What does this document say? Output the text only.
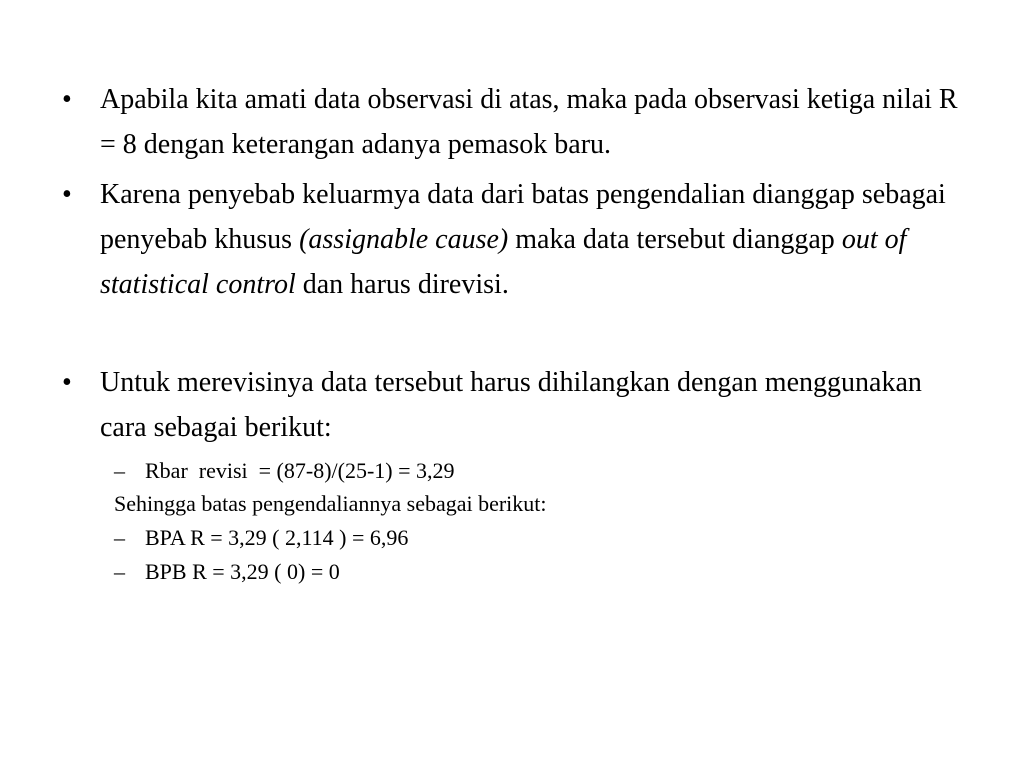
•	Apabila kita amati data observasi di atas, maka pada observasi ketiga nilai R = 8 dengan keterangan adanya pemasok baru.
•	Karena penyebab keluarmya data dari batas pengendalian dianggap sebagai penyebab khusus (assignable cause) maka data tersebut dianggap out of statistical control dan harus direvisi.
•	Untuk merevisinya data tersebut harus dihilangkan dengan menggunakan cara sebagai berikut:
– Rbar  revisi  = (87-8)/(25-1) = 3,29
Sehingga batas pengendaliannya sebagai berikut:
– BPA R = 3,29 ( 2,114 ) = 6,96
– BPB R = 3,29 ( 0) = 0
